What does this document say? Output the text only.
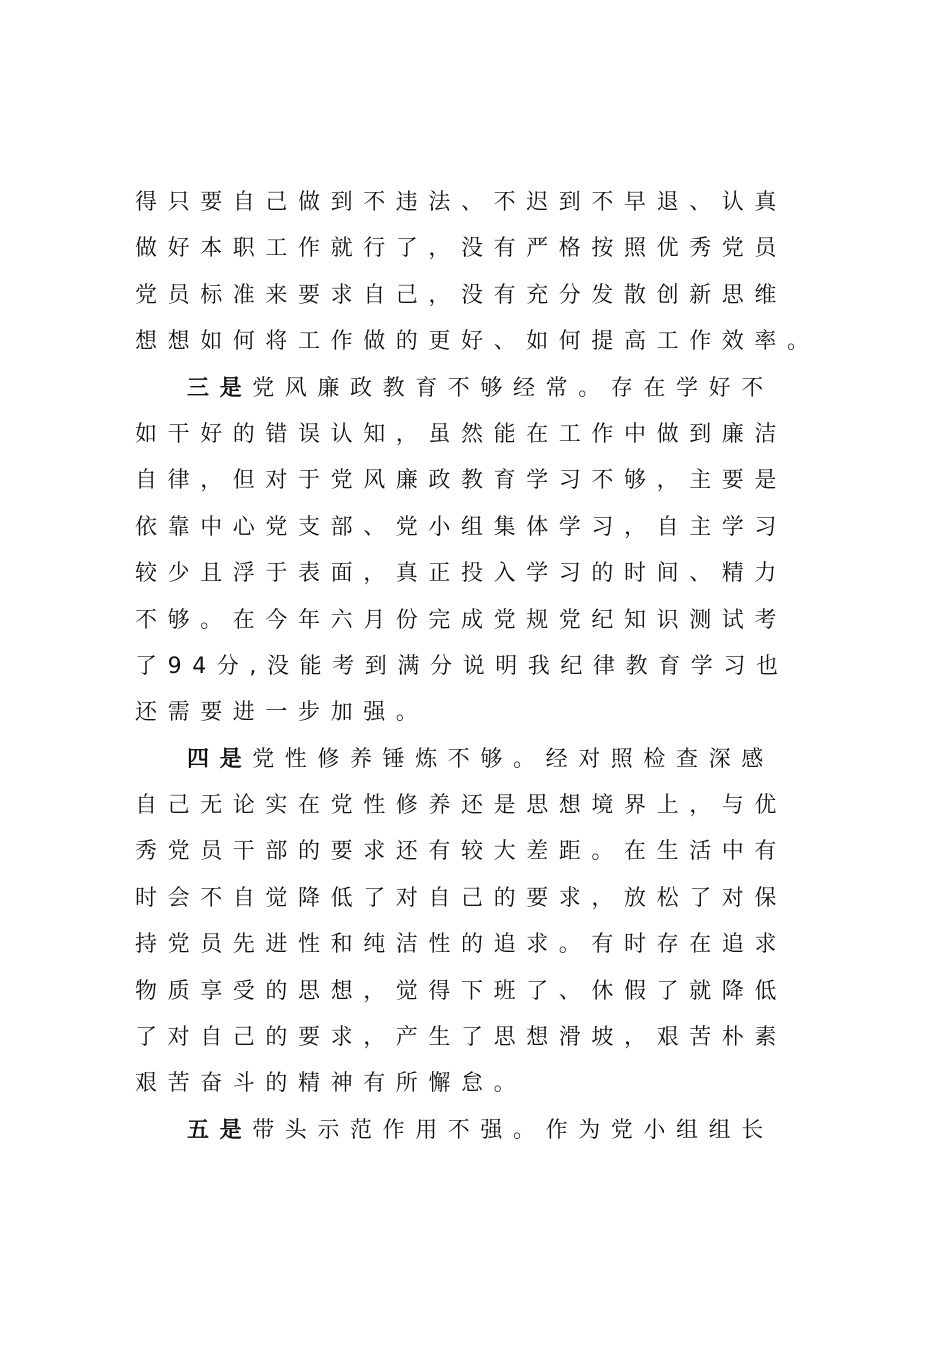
得只要自己做到不违法、不迟到不早退、认真
做好本职工作就行了，没有严格按照优秀党员
党员标准来要求自己，没有充分发散创新思维
想想如何将工作做的更好、如何提高工作效率。
三是党风廉政教育不够经常。存在学好不
如干好的错误认知，虽然能在工作中做到廉洁
自律，但对于党风廉政教育学习不够，主要是
依靠中心党支部、党小组集体学习，自主学习
较少且浮于表面，真正投入学习的时间、精力
不够。在今年六月份完成党规党纪知识测试考
了94分,没能考到满分说明我纪律教育学习也
还需要进一步加强。
四是党性修养锤炼不够。经对照检查深感
自己无论实在党性修养还是思想境界上，与优
秀党员干部的要求还有较大差距。在生活中有
时会不自觉降低了对自己的要求，放松了对保
持党员先进性和纯洁性的追求。有时存在追求
物质享受的思想，觉得下班了、休假了就降低
了对自己的要求，产生了思想滑坡，艰苦朴素
艰苦奋斗的精神有所懈怠。
五是带头示范作用不强。作为党小组组长
